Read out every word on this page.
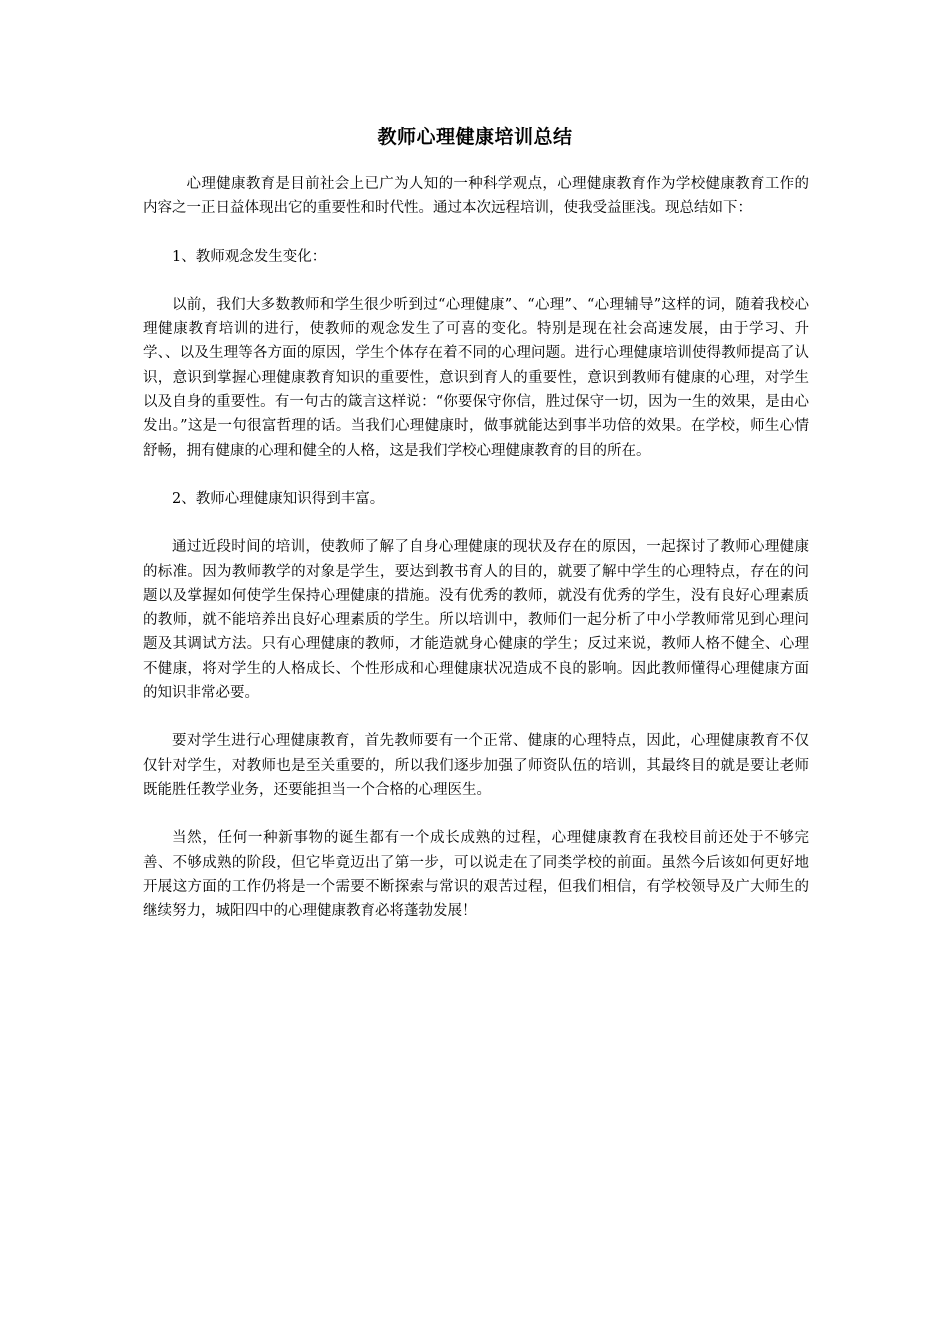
教师心理健康培训总结

心理健康教育是目前社会上已广为人知的一种科学观点，心理健康教育作为学校健康教育工作的内容之一正日益体现出它的重要性和时代性。通过本次远程培训，使我受益匪浅。现总结如下：

1、教师观念发生变化：

以前，我们大多数教师和学生很少听到过“心理健康”、“心理”、“心理辅导”这样的词，随着我校心理健康教育培训的进行，使教师的观念发生了可喜的变化。特别是现在社会高速发展，由于学习、升学、、以及生理等各方面的原因，学生个体存在着不同的心理问题。进行心理健康培训使得教师提高了认识，意识到掌握心理健康教育知识的重要性，意识到育人的重要性，意识到教师有健康的心理，对学生以及自身的重要性。有一句古的箴言这样说：“你要保守你信，胜过保守一切，因为一生的效果，是由心发出。”这是一句很富哲理的话。当我们心理健康时，做事就能达到事半功倍的效果。在学校，师生心情舒畅，拥有健康的心理和健全的人格，这是我们学校心理健康教育的目的所在。

2、教师心理健康知识得到丰富。

通过近段时间的培训，使教师了解了自身心理健康的现状及存在的原因，一起探讨了教师心理健康的标准。因为教师教学的对象是学生，要达到教书育人的目的，就要了解中学生的心理特点，存在的问题以及掌握如何使学生保持心理健康的措施。没有优秀的教师，就没有优秀的学生，没有良好心理素质的教师，就不能培养出良好心理素质的学生。所以培训中，教师们一起分析了中小学教师常见到心理问题及其调试方法。只有心理健康的教师，才能造就身心健康的学生；反过来说，教师人格不健全、心理不健康，将对学生的人格成长、个性形成和心理健康状况造成不良的影响。因此教师懂得心理健康方面的知识非常必要。

要对学生进行心理健康教育，首先教师要有一个正常、健康的心理特点，因此，心理健康教育不仅仅针对学生，对教师也是至关重要的，所以我们逐步加强了师资队伍的培训，其最终目的就是要让老师既能胜任教学业务，还要能担当一个合格的心理医生。

当然，任何一种新事物的诞生都有一个成长成熟的过程，心理健康教育在我校目前还处于不够完善、不够成熟的阶段，但它毕竟迈出了第一步，可以说走在了同类学校的前面。虽然今后该如何更好地开展这方面的工作仍将是一个需要不断探索与常识的艰苦过程，但我们相信，有学校领导及广大师生的继续努力，城阳四中的心理健康教育必将蓬勃发展！
